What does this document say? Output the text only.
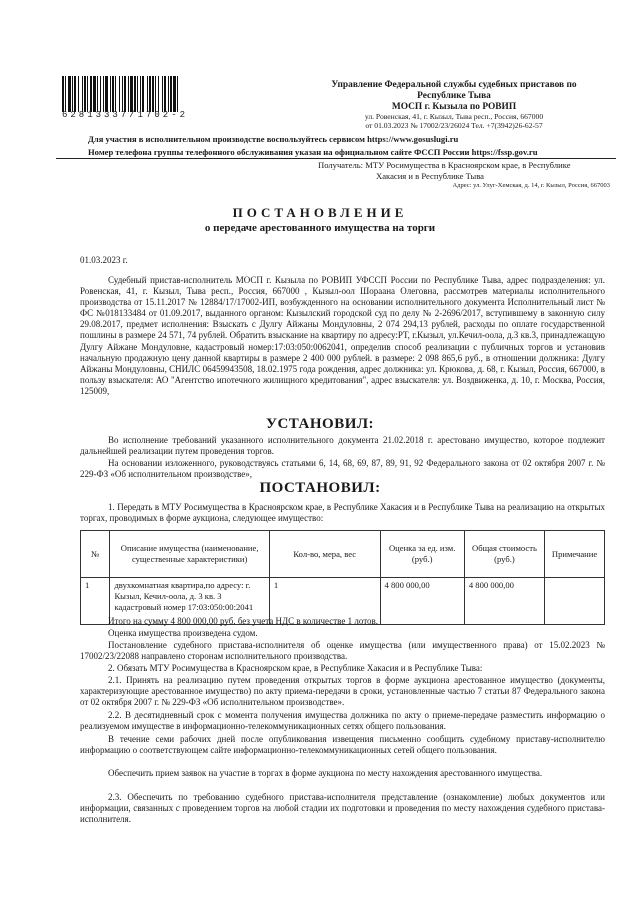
62813337/1702-2
Управление Федеральной службы судебных приставов по
Республике Тыва
МОСП г. Кызыла по РОВИП
ул. Ровенская, 41, г. Кызыл, Тыва респ., Россия, 667000
от 01.03.2023 № 17002/23/26024 Тел. +7(3942)26-62-57
Для участия в исполнительном производстве воспользуйтесь сервисом https://www.gosuslugi.ru
Номер телефона группы телефонного обслуживания указан на официальном сайте ФССП России https://fssp.gov.ru
Получатель: МТУ Росимущества в Красноярском крае, в Республике
Хакасия и в Республике Тыва
Адрес: ул. Улуг-Хемская, д. 14, г. Кызыл, Россия, 667003
ПОСТАНОВЛЕНИЕ
о передаче арестованного имущества на торги
01.03.2023 г.
Судебный пристав-исполнитель МОСП г. Кызыла по РОВИП УФССП России по Республике Тыва, адрес подразделения: ул. Ровенская, 41, г. Кызыл, Тыва респ., Россия, 667000 , Кызыл-оол Шораана Олеговна, рассмотрев материалы исполнительного производства от 15.11.2017 № 12884/17/17002-ИП, возбужденного на основании исполнительного документа Исполнительный лист № ФС №018133484 от 01.09.2017, выданного органом: Кызылский городской суд по делу № 2-2696/2017, вступившему в законную силу 29.08.2017, предмет исполнения: Взыскать с Дулгу Айжаны Мондуловны, 2 074 294,13 рублей, расходы по оплате государственной пошлины в размере 24 571, 74 рублей. Обратить взыскание на квартиру по адресу:РТ, г.Кызыл, ул.Кечил-оола, д.3 кв.3, принадлежащую Дулгу Айжане Мондуловне, кадастровый номер:17:03:050:0062041, определив способ реализации с публичных торгов и установив начальную продажную цену данной квартиры в размере 2 400 000 рублей. в размере: 2 098 865,6 руб., в отношении должника: Дулгу Айжаны Мондуловны, СНИЛС 06459943508, 18.02.1975 года рождения, адрес должника: ул. Крюкова, д. 68, г. Кызыл, Россия, 667000, в пользу взыскателя: АО "Агентство ипотечного жилищного кредитования", адрес взыскателя: ул. Воздвиженка, д. 10, г. Москва, Россия, 125009,
УСТАНОВИЛ:
Во исполнение требований указанного исполнительного документа 21.02.2018 г. арестовано имущество, которое подлежит дальнейшей реализации путем проведения торгов.
На основании изложенного, руководствуясь статьями 6, 14, 68, 69, 87, 89, 91, 92 Федерального закона от 02 октября 2007 г. № 229-ФЗ «Об исполнительном производстве»,
ПОСТАНОВИЛ:
1. Передать в МТУ Росимущества в Красноярском крае, в Республике Хакасия и в Республике Тыва на реализацию на открытых торгах, проводимых в форме аукциона, следующее имущество:
№	Описание имущества (наименование, существенные характеристики)	Кол-во, мера, вес	Оценка за ед. изм. (руб.)	Общая стоимость (руб.)	Примечание
1	двухкомнатная квартира,по адресу: г. Кызыл, Кечил-оола, д. 3 кв. 3 кадастровый номер 17:03:050:00:2041	1	4 800 000,00	4 800 000,00	
Итого на сумму 4 800 000,00 руб. без учета НДС в количестве 1 лотов.
Оценка имущества произведена судом.
Постановление судебного пристава-исполнителя об оценке имущества (или имущественного права) от 15.02.2023 № 17002/23/22088 направлено сторонам исполнительного производства.
2. Обязать МТУ Росимущества в Красноярском крае, в Республике Хакасия и в Республике Тыва:
2.1. Принять на реализацию путем проведения открытых торгов в форме аукциона арестованное имущество (документы, характеризующие арестованное имущество) по акту приема-передачи в сроки, установленные частью 7 статьи 87 Федерального закона от 02 октября 2007 г. № 229-ФЗ «Об исполнительном производстве».
2.2. В десятидневный срок с момента получения имущества должника по акту о приеме-передаче разместить информацию о реализуемом имуществе в информационно-телекоммуникационных сетях общего пользования.
В течение семи рабочих дней после опубликования извещения письменно сообщить судебному приставу-исполнителю информацию о соответствующем сайте информационно-телекоммуникационных сетей общего пользования.
Обеспечить прием заявок на участие в торгах в форме аукциона по месту нахождения арестованного имущества.
2.3. Обеспечить по требованию судебного пристава-исполнителя представление (ознакомление) любых документов или информации, связанных с проведением торгов на любой стадии их подготовки и проведения по месту нахождения судебного пристава-исполнителя.
